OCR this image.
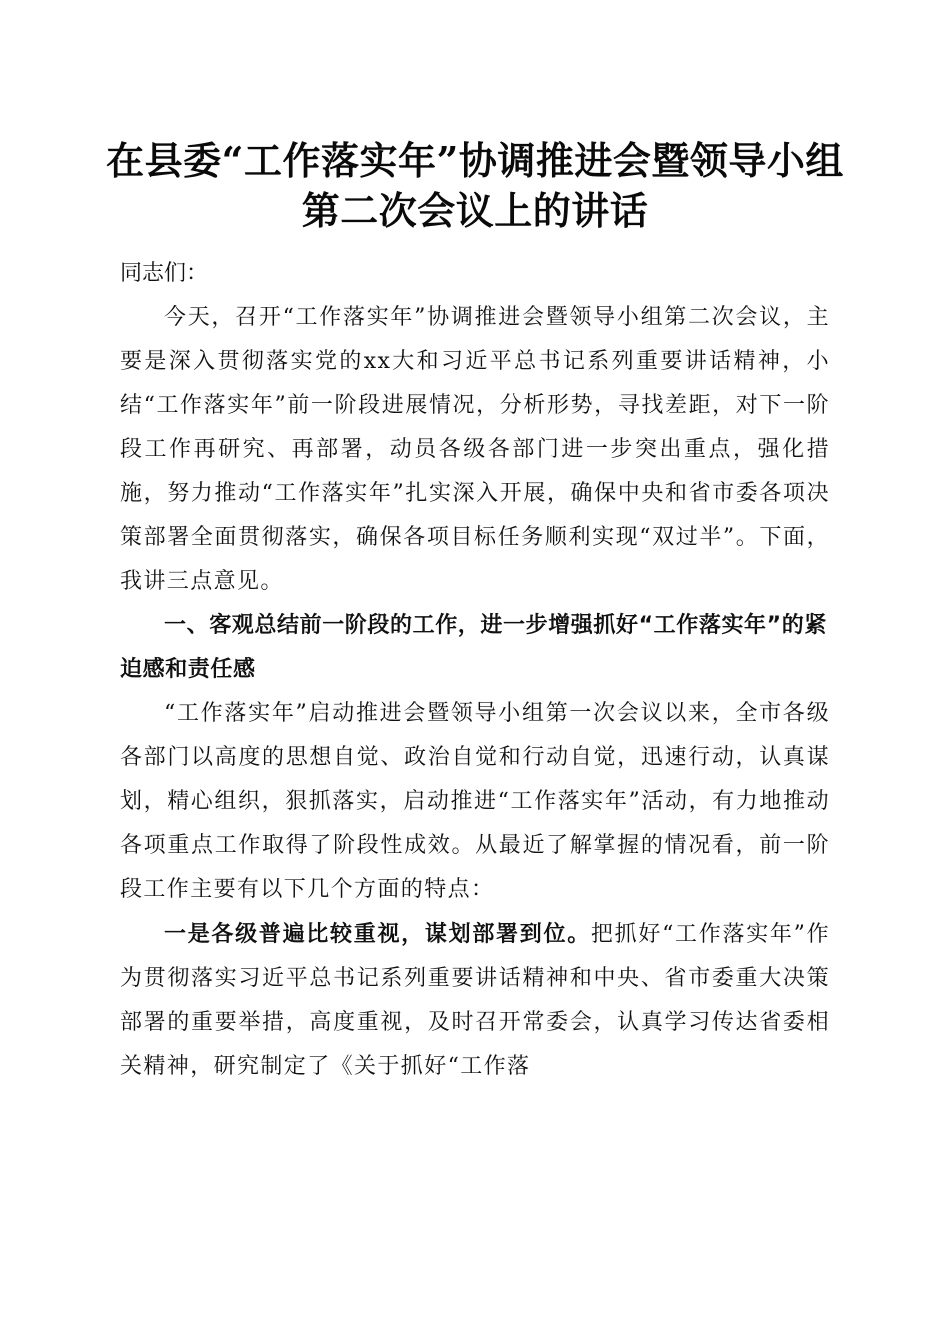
在县委“工作落实年”协调推进会暨领导小组
第二次会议上的讲话
同志们：

今天，召开“工作落实年”协调推进会暨领导小组第二次会议，主要是深入贯彻落实党的xx大和习近平总书记系列重要讲话精神，小结“工作落实年”前一阶段进展情况，分析形势，寻找差距，对下一阶段工作再研究、再部署，动员各级各部门进一步突出重点，强化措施，努力推动“工作落实年”扎实深入开展，确保中央和省市委各项决策部署全面贯彻落实，确保各项目标任务顺利实现“双过半”。下面，我讲三点意见。

一、客观总结前一阶段的工作，进一步增强抓好“工作落实年”的紧迫感和责任感

“工作落实年”启动推进会暨领导小组第一次会议以来，全市各级各部门以高度的思想自觉、政治自觉和行动自觉，迅速行动，认真谋划，精心组织，狠抓落实，启动推进“工作落实年”活动，有力地推动各项重点工作取得了阶段性成效。从最近了解掌握的情况看，前一阶段工作主要有以下几个方面的特点：

一是各级普遍比较重视，谋划部署到位。把抓好“工作落实年”作为贯彻落实习近平总书记系列重要讲话精神和中央、省市委重大决策部署的重要举措，高度重视，及时召开常委会，认真学习传达省委相关精神，研究制定了《关于抓好“工作落
